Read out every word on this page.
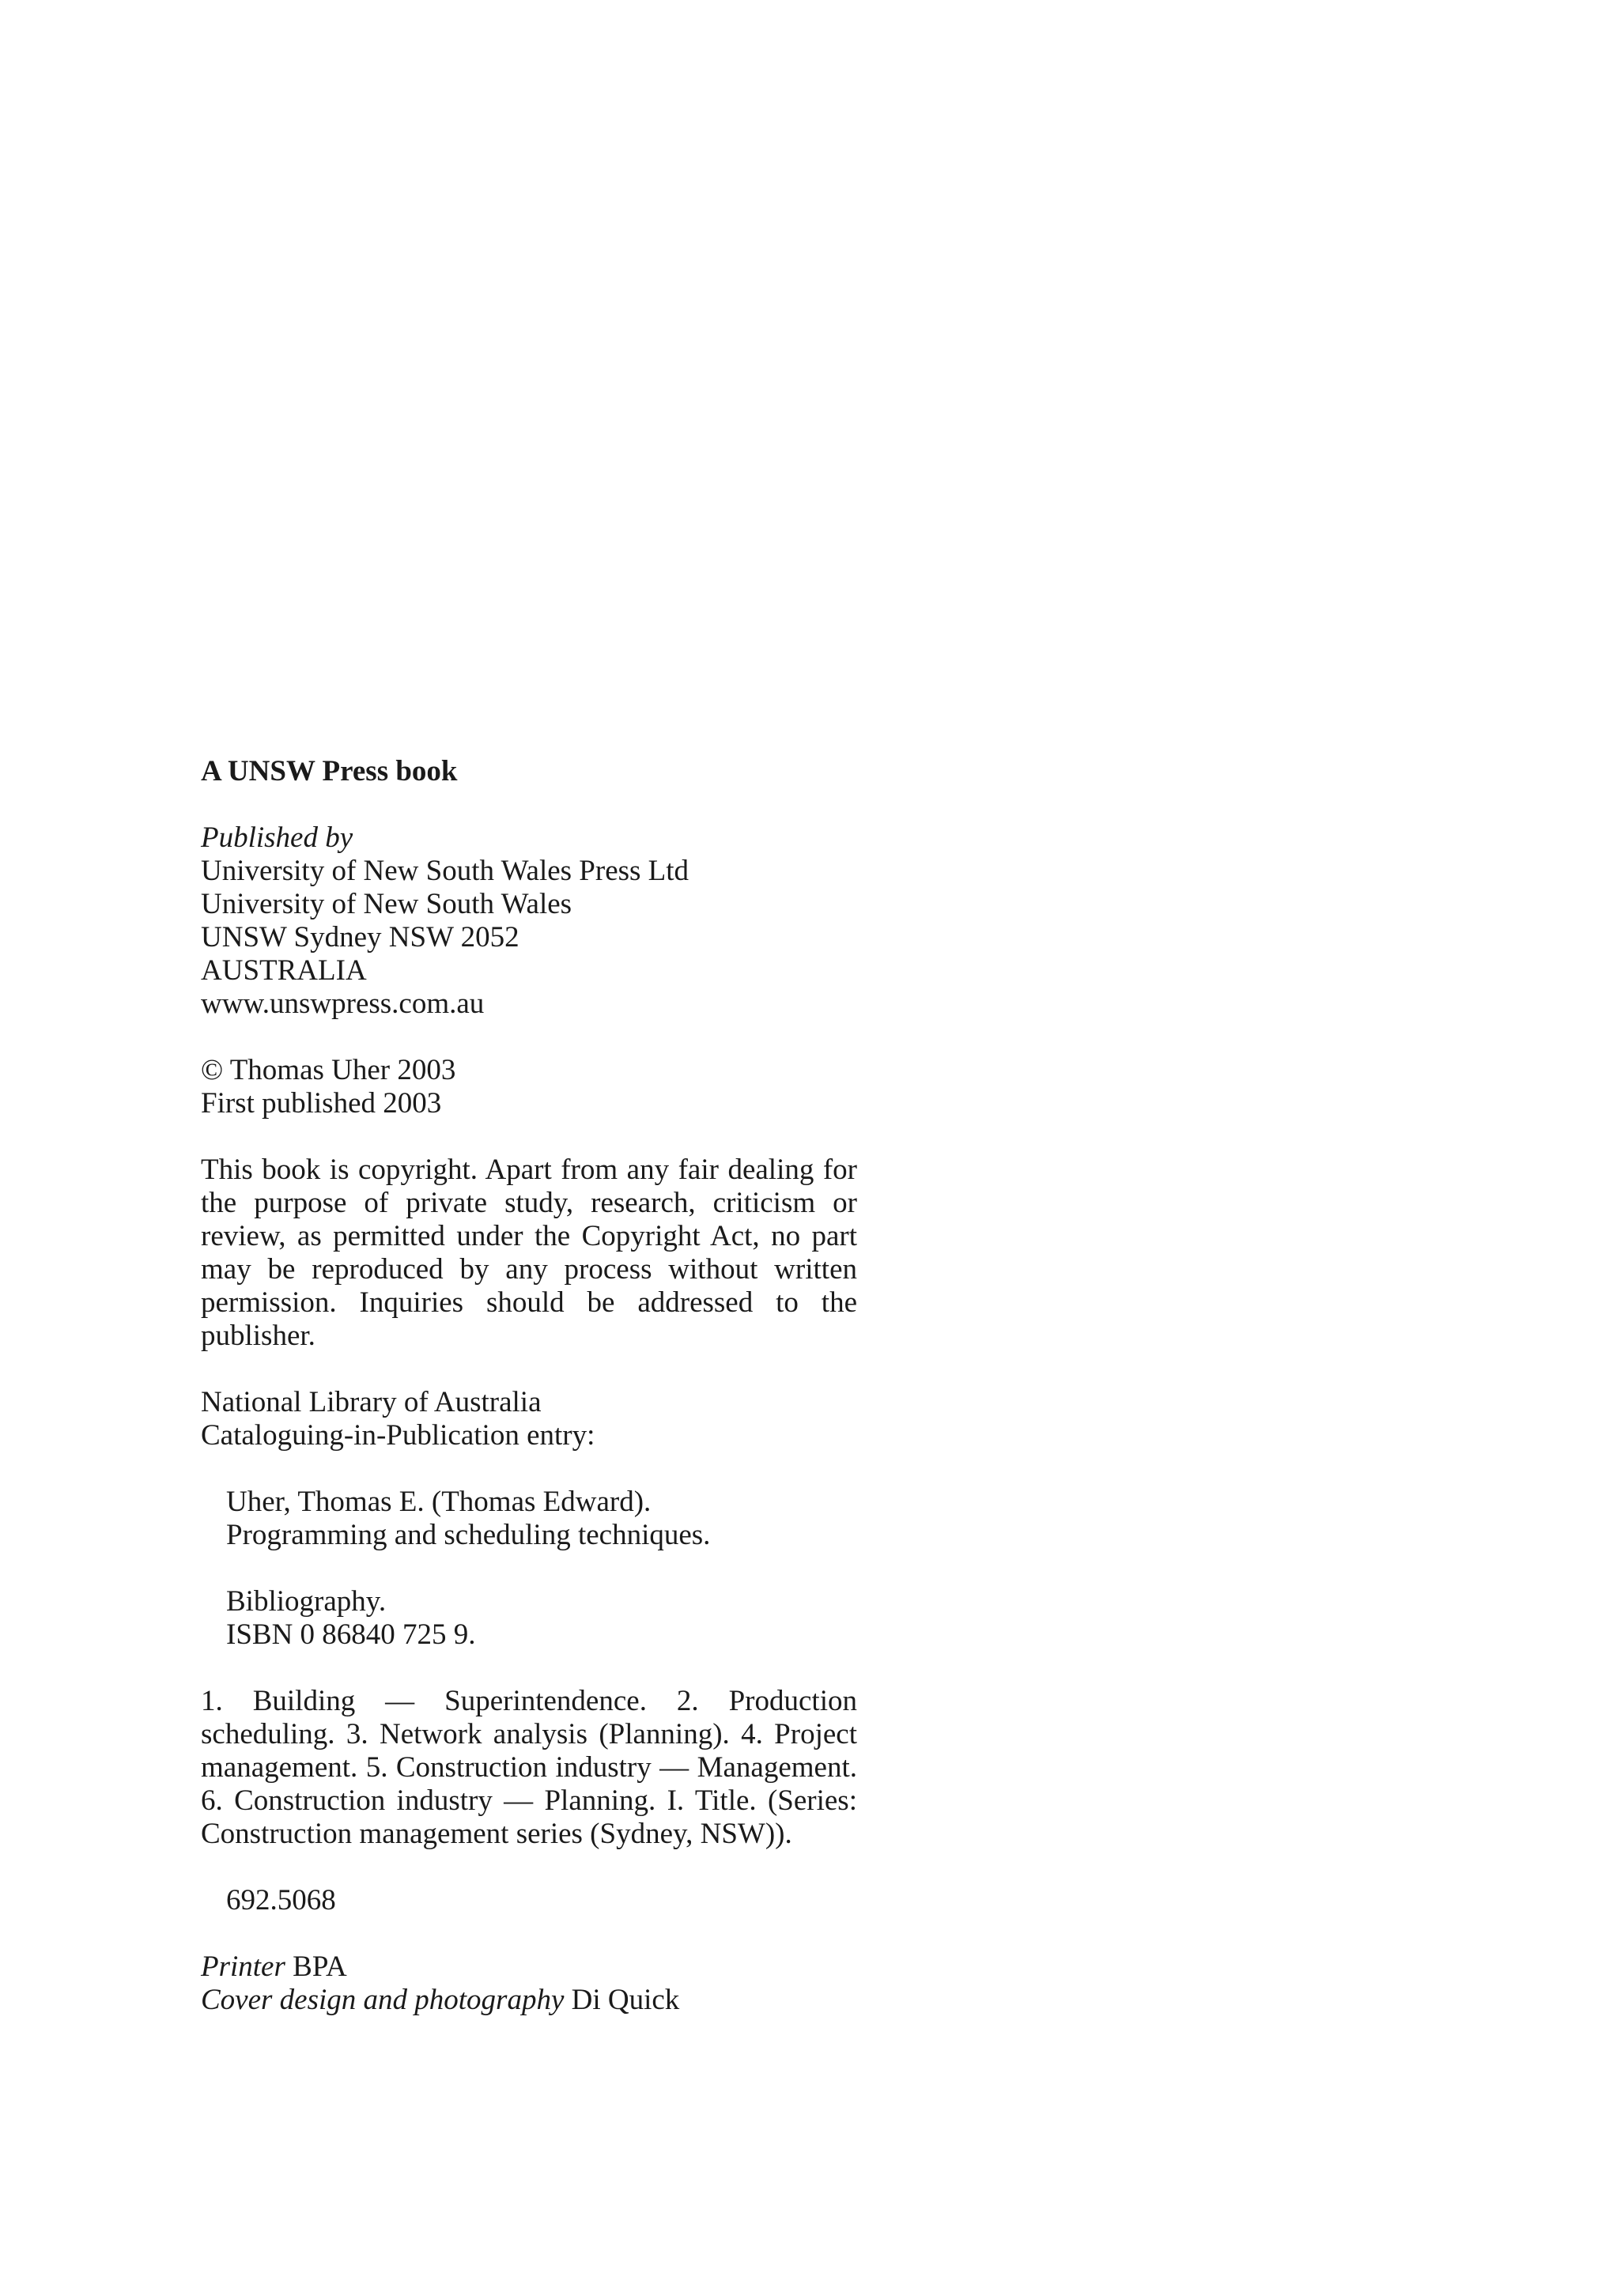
A UNSW Press book
Published by
University of New South Wales Press Ltd
University of New South Wales
UNSW Sydney NSW 2052
AUSTRALIA
www.unswpress.com.au
© Thomas Uher 2003
First published 2003
This book is copyright. Apart from any fair dealing for the purpose of private study, research, criticism or review, as permitted under the Copyright Act, no part may be reproduced by any process without written permission. Inquiries should be addressed to the publisher.
National Library of Australia
Cataloguing-in-Publication entry:
Uher, Thomas E. (Thomas Edward).
Programming and scheduling techniques.
Bibliography.
ISBN 0 86840 725 9.
1. Building — Superintendence. 2. Production scheduling. 3. Network analysis (Planning). 4. Project management. 5. Construction industry — Management. 6. Construction industry — Planning. I. Title. (Series: Construction management series (Sydney, NSW)).
692.5068
Printer BPA
Cover design and photography Di Quick
